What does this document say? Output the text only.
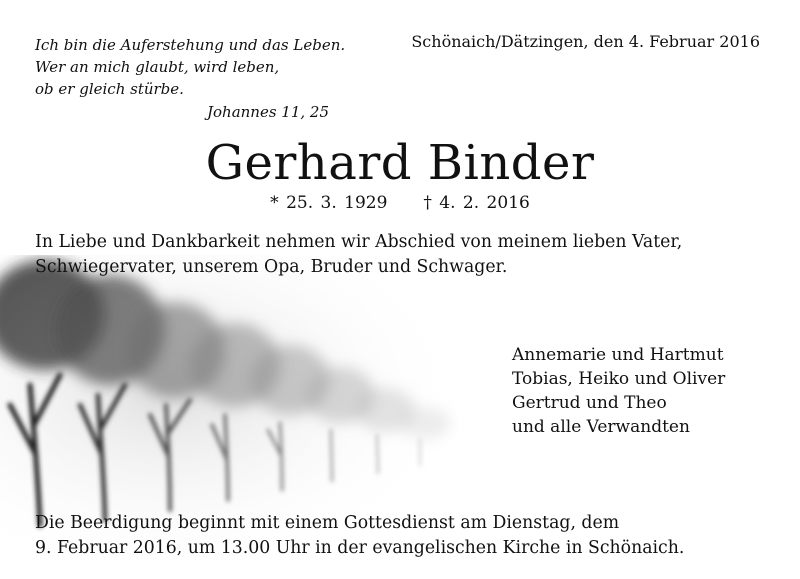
Ich bin die Auferstehung und das Leben.
Wer an mich glaubt, wird leben,
ob er gleich stürbe.
Johannes 11, 25
Schönaich/Dätzingen, den 4. Februar 2016
Gerhard Binder
* 25. 3. 1929 † 4. 2. 2016
In Liebe und Dankbarkeit nehmen wir Abschied von meinem lieben Vater, Schwiegervater, unserem Opa, Bruder und Schwager.
Annemarie und Hartmut
Tobias, Heiko und Oliver
Gertrud und Theo
und alle Verwandten
Die Beerdigung beginnt mit einem Gottesdienst am Dienstag, dem
9. Februar 2016, um 13.00 Uhr in der evangelischen Kirche in Schönaich.
